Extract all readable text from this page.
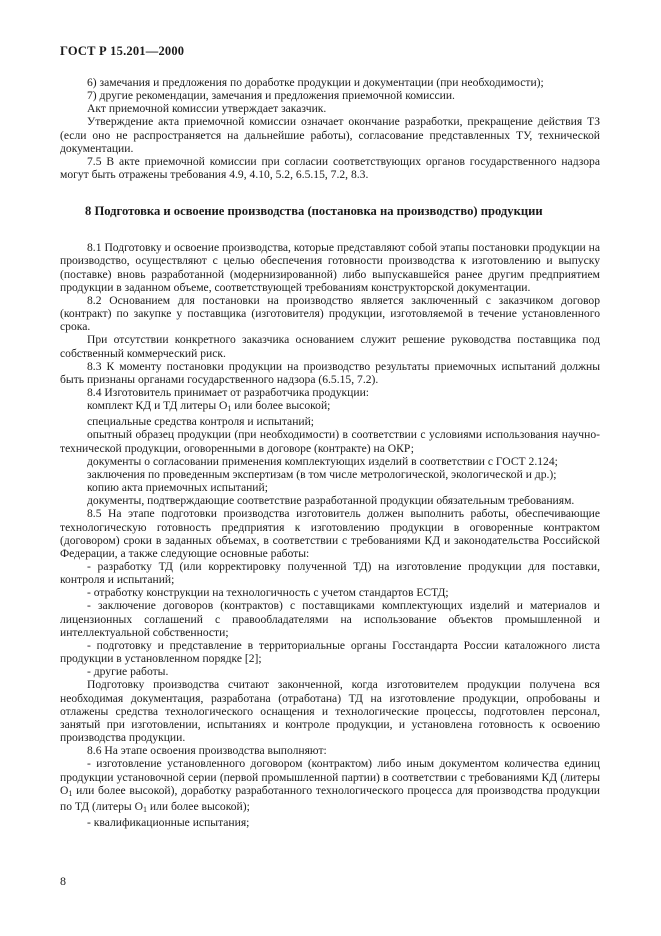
ГОСТ Р 15.201—2000

6) замечания и предложения по доработке продукции и документации (при необходимости);

7) другие рекомендации, замечания и предложения приемочной комиссии.

Акт приемочной комиссии утверждает заказчик.

Утверждение акта приемочной комиссии означает окончание разработки, прекращение действия ТЗ (если оно не распространяется на дальнейшие работы), согласование представленных ТУ, технической документации.

7.5 В акте приемочной комиссии при согласии соответствующих органов государственного надзора могут быть отражены требования 4.9, 4.10, 5.2, 6.5.15, 7.2, 8.3.

8 Подготовка и освоение производства (постановка на производство) продукции

8.1 Подготовку и освоение производства, которые представляют собой этапы постановки продукции на производство, осуществляют с целью обеспечения готовности производства к изготовлению и выпуску (поставке) вновь разработанной (модернизированной) либо выпускавшейся ранее другим предприятием продукции в заданном объеме, соответствующей требованиям конструкторской документации.

8.2 Основанием для постановки на производство является заключенный с заказчиком договор (контракт) по закупке у поставщика (изготовителя) продукции, изготовляемой в течение установленного срока.

При отсутствии конкретного заказчика основанием служит решение руководства поставщика под собственный коммерческий риск.

8.3 К моменту постановки продукции на производство результаты приемочных испытаний должны быть признаны органами государственного надзора (6.5.15, 7.2).

8.4 Изготовитель принимает от разработчика продукции:

комплект КД и ТД литеры $О_1$ или более высокой;

специальные средства контроля и испытаний;

опытный образец продукции (при необходимости) в соответствии с условиями использования научно-технической продукции, оговоренными в договоре (контракте) на ОКР;

документы о согласовании применения комплектующих изделий в соответствии с ГОСТ 2.124;

заключения по проведенным экспертизам (в том числе метрологической, экологической и др.);

копию акта приемочных испытаний;

документы, подтверждающие соответствие разработанной продукции обязательным требованиям.

8.5 На этапе подготовки производства изготовитель должен выполнить работы, обеспечивающие технологическую готовность предприятия к изготовлению продукции в оговоренные контрактом (договором) сроки в заданных объемах, в соответствии с требованиями КД и законодательства Российской Федерации, а также следующие основные работы:

- разработку ТД (или корректировку полученной ТД) на изготовление продукции для поставки, контроля и испытаний;

- отработку конструкции на технологичность с учетом стандартов ЕСТД;

- заключение договоров (контрактов) с поставщиками комплектующих изделий и материалов и лицензионных соглашений с правообладателями на использование объектов промышленной и интеллектуальной собственности;

- подготовку и представление в территориальные органы Госстандарта России каталожного листа продукции в установленном порядке [2];

- другие работы.

Подготовку производства считают законченной, когда изготовителем продукции получена вся необходимая документация, разработана (отработана) ТД на изготовление продукции, опробованы и отлажены средства технологического оснащения и технологические процессы, подготовлен персонал, занятый при изготовлении, испытаниях и контроле продукции, и установлена готовность к освоению производства продукции.

8.6 На этапе освоения производства выполняют:

- изготовление установленного договором (контрактом) либо иным документом количества единиц продукции установочной серии (первой промышленной партии) в соответствии с требованиями КД (литеры $О_1$ или более высокой), доработку разработанного технологического процесса для производства продукции по ТД (литеры $О_1$ или более высокой);

- квалификационные испытания;

8
